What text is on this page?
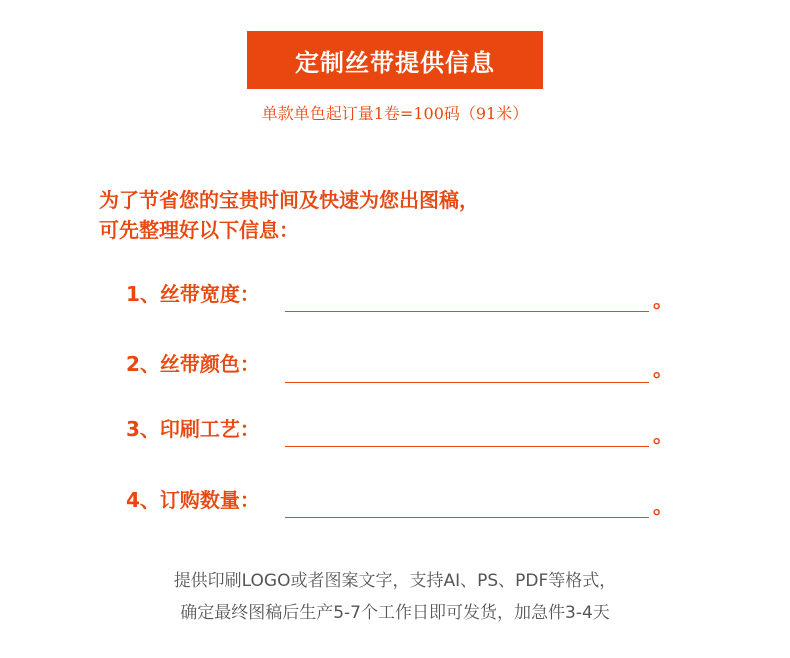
定制丝带提供信息
单款单色起订量1卷=100码（91米）
为了节省您的宝贵时间及快速为您出图稿，
可先整理好以下信息：
1、丝带宽度：	。
2、丝带颜色：	。
3、印刷工艺：	。
4、订购数量：	。
提供印刷LOGO或者图案文字，支持AI、PS、PDF等格式，
确定最终图稿后生产5-7个工作日即可发货，加急件3-4天
